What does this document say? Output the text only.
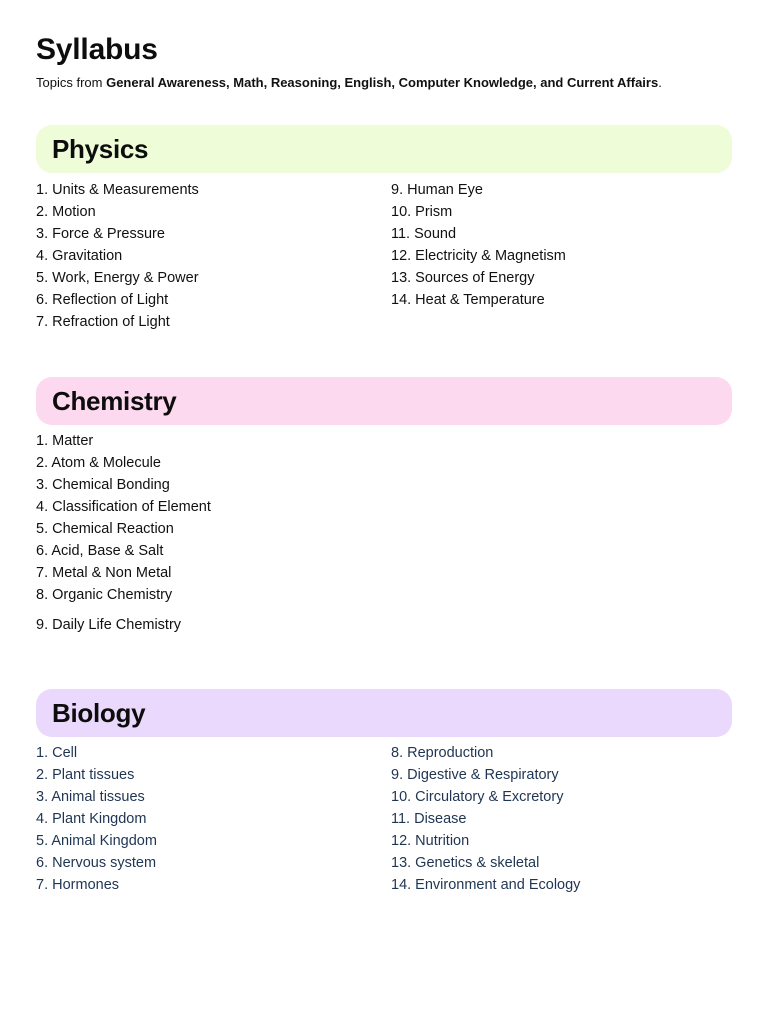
Syllabus

Topics from General Awareness, Math, Reasoning, English, Computer Knowledge, and Current Affairs.

Physics
1. Units & Measurements
2. Motion
3. Force & Pressure
4. Gravitation
5. Work, Energy & Power
6. Reflection of Light
7. Refraction of Light
9. Human Eye
10. Prism
11. Sound
12. Electricity & Magnetism
13. Sources of Energy
14. Heat & Temperature
Chemistry
1. Matter
2. Atom & Molecule
3. Chemical Bonding
4. Classification of Element
5. Chemical Reaction
6. Acid, Base & Salt
7. Metal & Non Metal
8. Organic Chemistry
9. Daily Life Chemistry
Biology
1. Cell
2. Plant tissues
3. Animal tissues
4. Plant Kingdom
5. Animal Kingdom
6. Nervous system
7. Hormones
8. Reproduction
9. Digestive & Respiratory
10. Circulatory & Excretory
11. Disease
12. Nutrition
13. Genetics & skeletal
14. Environment and Ecology
